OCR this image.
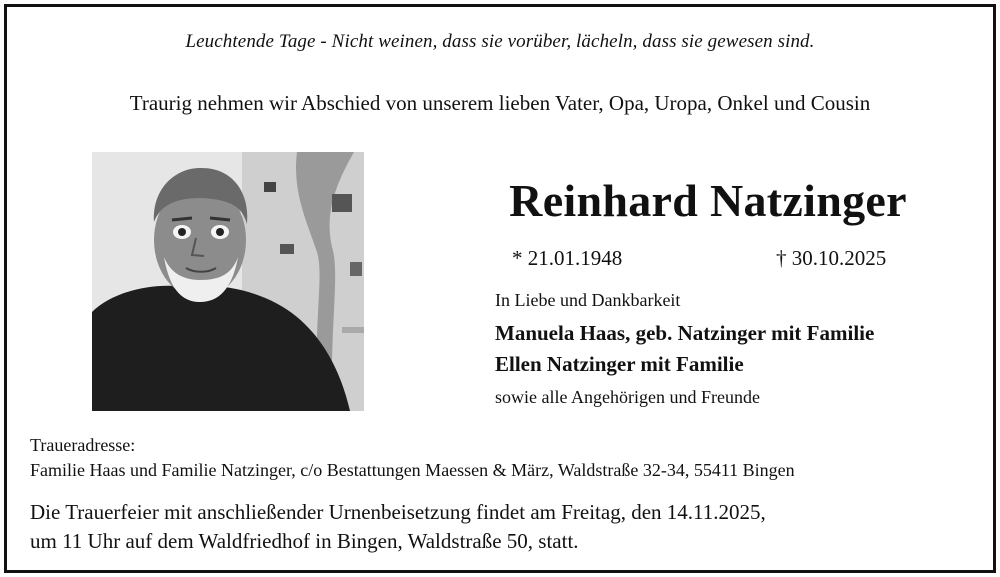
Leuchtende Tage - Nicht weinen, dass sie vorüber, lächeln, dass sie gewesen sind.
Traurig nehmen wir Abschied von unserem lieben Vater, Opa, Uropa, Onkel und Cousin
Reinhard Natzinger
* 21.01.1948	† 30.10.2025
In Liebe und Dankbarkeit
Manuela Haas, geb. Natzinger mit Familie
Ellen Natzinger mit Familie
sowie alle Angehörigen und Freunde
Traueradresse:
Familie Haas und Familie Natzinger, c/o Bestattungen Maessen & März, Waldstraße 32-34, 55411 Bingen
Die Trauerfeier mit anschließender Urnenbeisetzung findet am Freitag, den 14.11.2025,
um 11 Uhr auf dem Waldfriedhof in Bingen, Waldstraße 50, statt.
